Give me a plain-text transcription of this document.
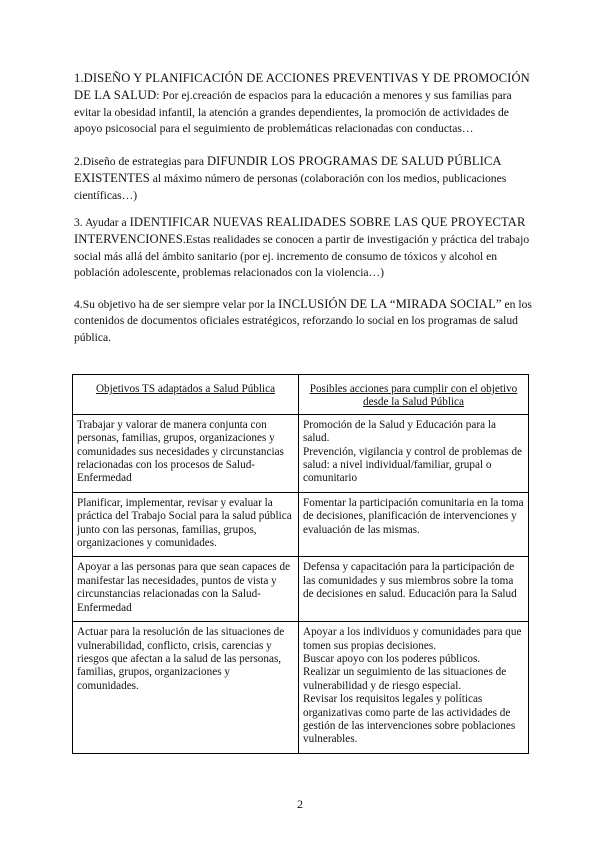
1.DISEÑO Y PLANIFICACIÓN DE ACCIONES PREVENTIVAS Y DE PROMOCIÓN DE LA SALUD: Por ej.creación de espacios para la educación a menores y sus familias para evitar la obesidad infantil, la atención a grandes dependientes, la promoción de actividades de apoyo psicosocial para el seguimiento de problemáticas relacionadas con conductas…

2.Diseño de estrategias para DIFUNDIR LOS PROGRAMAS DE SALUD PÚBLICA EXISTENTES al máximo número de personas (colaboración con los medios, publicaciones científicas…)

3. Ayudar a IDENTIFICAR NUEVAS REALIDADES SOBRE LAS QUE PROYECTAR INTERVENCIONES.Estas realidades se conocen a partir de investigación y práctica del trabajo social más allá del ámbito sanitario (por ej. incremento de consumo de tóxicos y alcohol en población adolescente, problemas relacionados con la violencia…)

4.Su objetivo ha de ser siempre velar por la INCLUSIÓN DE LA “MIRADA SOCIAL” en los contenidos de documentos oficiales estratégicos, reforzando lo social en los programas de salud pública.

Objetivos TS adaptados a Salud Pública	Posibles acciones para cumplir con el objetivo desde la Salud Pública
Trabajar y valorar de manera conjunta con personas, familias, grupos, organizaciones y comunidades sus necesidades y circunstancias relacionadas con los procesos de Salud-Enfermedad	Promoción de la Salud y Educación para la salud.
Prevención, vigilancia y control de problemas de salud: a nivel individual/familiar, grupal o comunitario

Planificar, implementar, revisar y evaluar la práctica del Trabajo Social para la salud pública junto con las personas, familias, grupos, organizaciones y comunidades.	Fomentar la participación comunitaria en la toma de decisiones, planificación de intervenciones y evaluación de las mismas.

Apoyar a las personas para que sean capaces de manifestar las necesidades, puntos de vista y circunstancias relacionadas con la Salud-Enfermedad	Defensa y capacitación para la participación de las comunidades y sus miembros sobre la toma de decisiones en salud. Educación para la Salud

Actuar para la resolución de las situaciones de vulnerabilidad, conflicto, crisis, carencias y riesgos que afectan a la salud de las personas, familias, grupos, organizaciones y comunidades.	Apoyar a los individuos y comunidades para que tomen sus propias decisiones.
Buscar apoyo con los poderes públicos.
Realizar un seguimiento de las situaciones de vulnerabilidad y de riesgo especial.
Revisar los requisitos legales y políticas organizativas como parte de las actividades de gestión de las intervenciones sobre poblaciones vulnerables.
2
